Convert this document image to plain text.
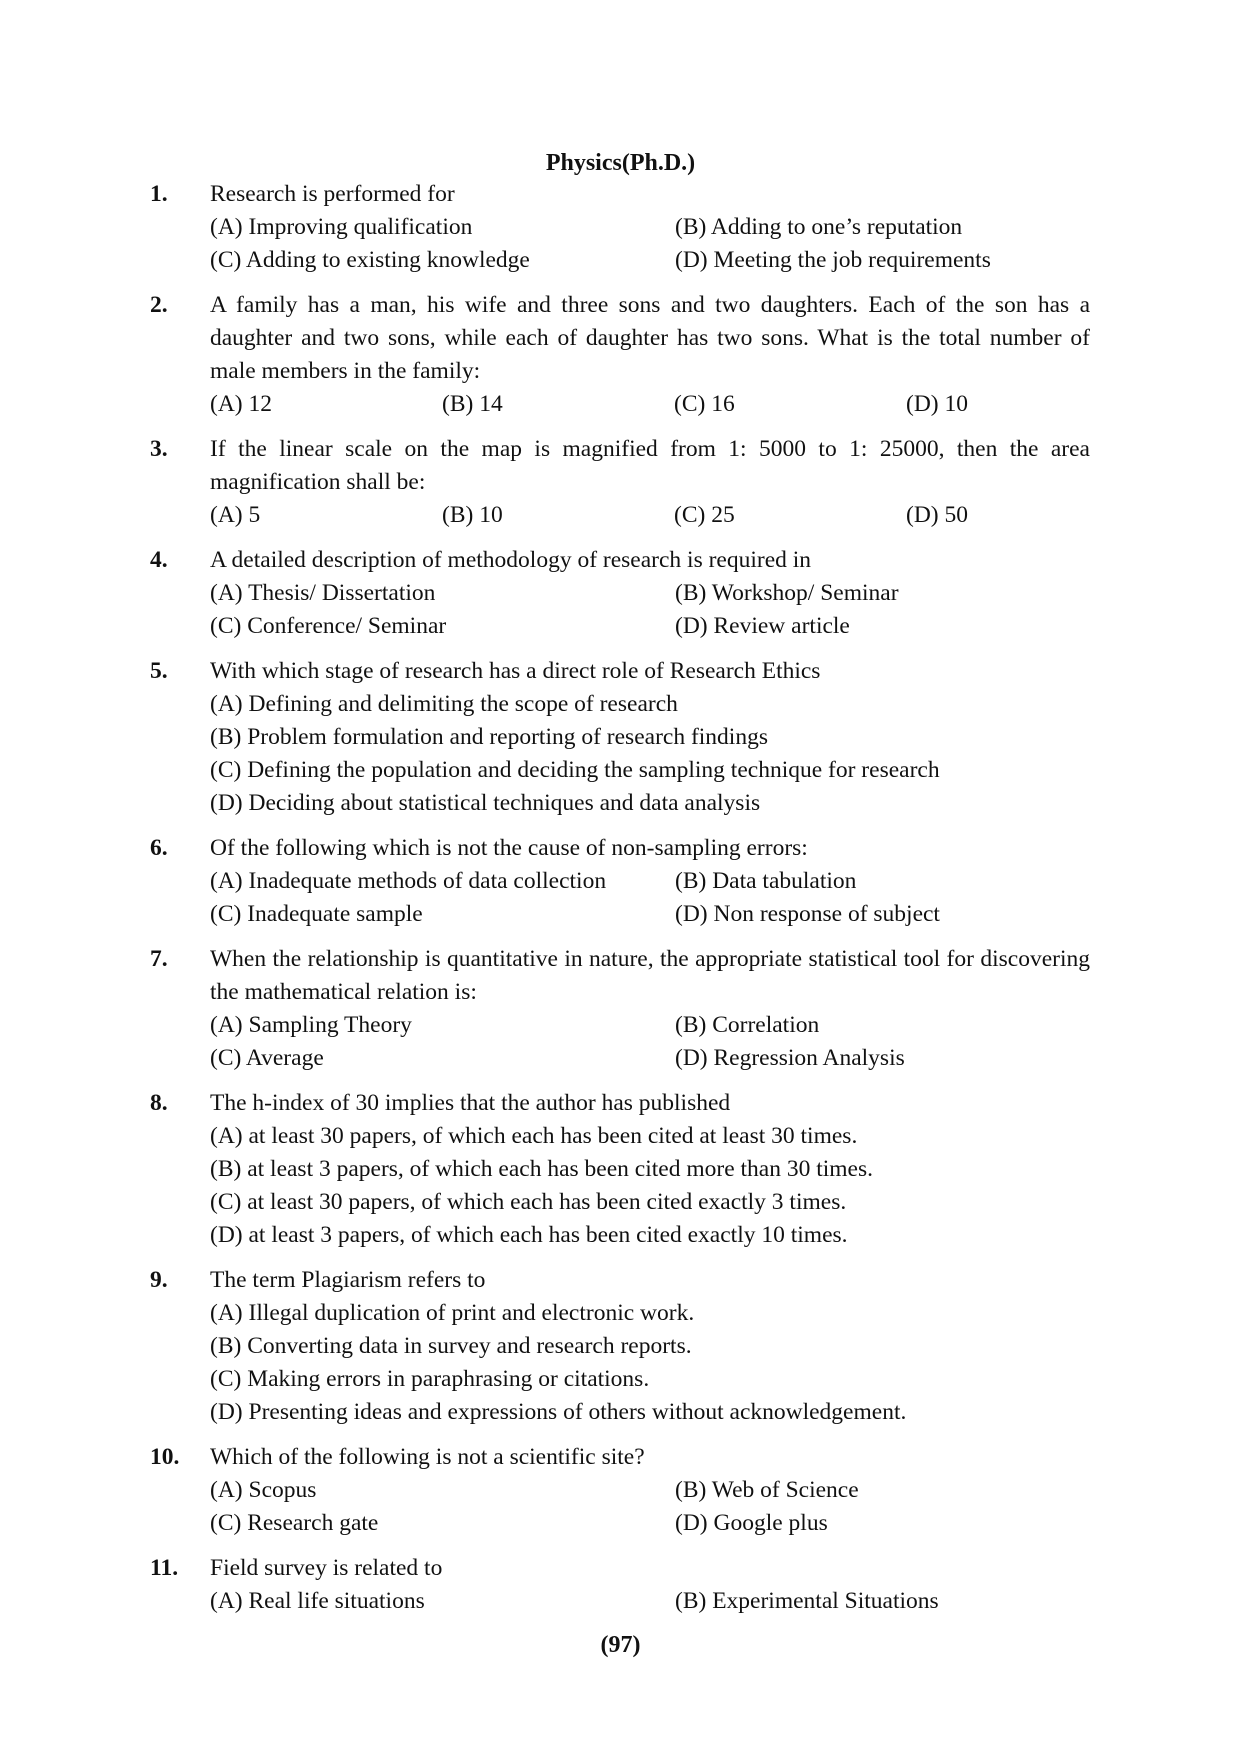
Physics(Ph.D.)
1. Research is performed for
(A) Improving qualification	(B) Adding to one’s reputation
(C) Adding to existing knowledge	(D) Meeting the job requirements
2. A family has a man, his wife and three sons and two daughters. Each of the son has a daughter and two sons, while each of daughter has two sons. What is the total number of male members in the family:
(A) 12	(B) 14	(C) 16	(D) 10
3. If the linear scale on the map is magnified from 1: 5000 to 1: 25000, then the area magnification shall be:
(A) 5	(B) 10	(C) 25	(D) 50
4. A detailed description of methodology of research is required in
(A) Thesis/ Dissertation	(B) Workshop/ Seminar
(C) Conference/ Seminar	(D) Review article
5. With which stage of research has a direct role of Research Ethics
(A) Defining and delimiting the scope of research
(B) Problem formulation and reporting of research findings
(C) Defining the population and deciding the sampling technique for research
(D) Deciding about statistical techniques and data analysis
6. Of the following which is not the cause of non-sampling errors:
(A) Inadequate methods of data collection	(B) Data tabulation
(C) Inadequate sample	(D) Non response of subject
7. When the relationship is quantitative in nature, the appropriate statistical tool for discovering the mathematical relation is:
(A) Sampling Theory	(B) Correlation
(C) Average	(D) Regression Analysis
8. The h-index of 30 implies that the author has published
(A) at least 30 papers, of which each has been cited at least 30 times.
(B) at least 3 papers, of which each has been cited more than 30 times.
(C) at least 30 papers, of which each has been cited exactly 3 times.
(D) at least 3 papers, of which each has been cited exactly 10 times.
9. The term Plagiarism refers to
(A) Illegal duplication of print and electronic work.
(B) Converting data in survey and research reports.
(C) Making errors in paraphrasing or citations.
(D) Presenting ideas and expressions of others without acknowledgement.
10. Which of the following is not a scientific site?
(A) Scopus	(B) Web of Science
(C) Research gate	(D) Google plus
11. Field survey is related to
(A) Real life situations	(B) Experimental Situations
(97)
